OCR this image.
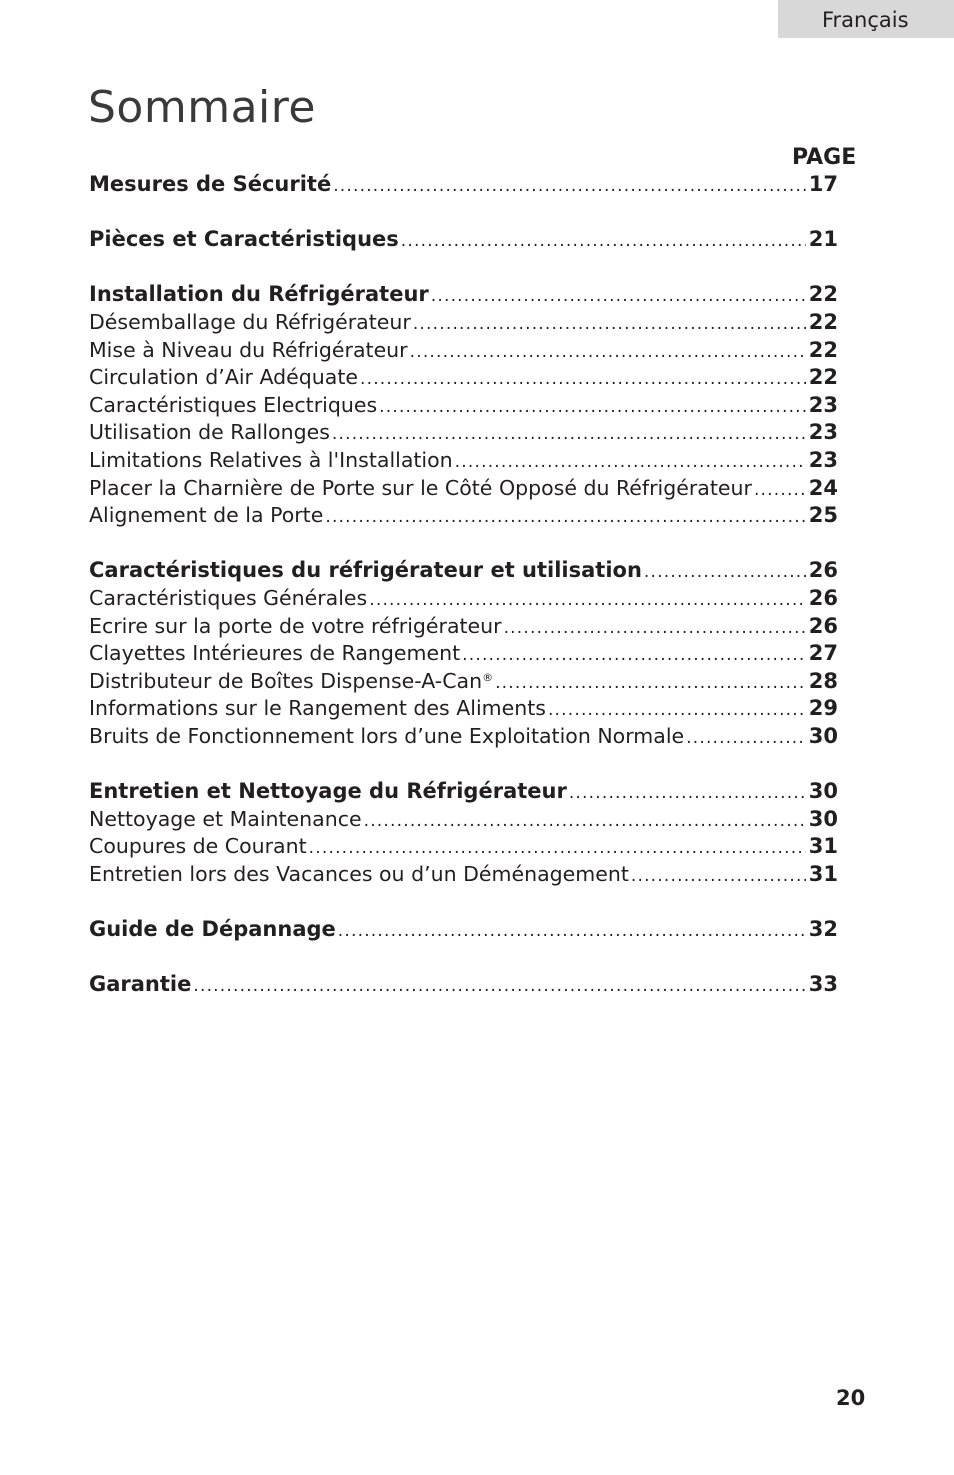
Français
Sommaire
PAGE
Mesures de Sécurité .....	17
Pièces et Caractéristiques .....	21
Installation du Réfrigérateur .....	22
Désemballage du Réfrigérateur .....	22
Mise à Niveau du Réfrigérateur .....	22
Circulation d’Air Adéquate .....	22
Caractéristiques Electriques .....	23
Utilisation de Rallonges .....	23
Limitations Relatives à l'Installation .....	23
Placer la Charnière de Porte sur le Côté Opposé du Réfrigérateur .....	24
Alignement de la Porte .....	25
Caractéristiques du réfrigérateur et utilisation .....	26
Caractéristiques Générales .....	26
Ecrire sur la porte de votre réfrigérateur .....	26
Clayettes Intérieures de Rangement .....	27
Distributeur de Boîtes Dispense-A-Can® .....	28
Informations sur le Rangement des Aliments .....	29
Bruits de Fonctionnement lors d’une Exploitation Normale .....	30
Entretien et Nettoyage du Réfrigérateur .....	30
Nettoyage et Maintenance .....	30
Coupures de Courant .....	31
Entretien lors des Vacances ou d’un Déménagement .....	31
Guide de Dépannage .....	32
Garantie .....	33
20
